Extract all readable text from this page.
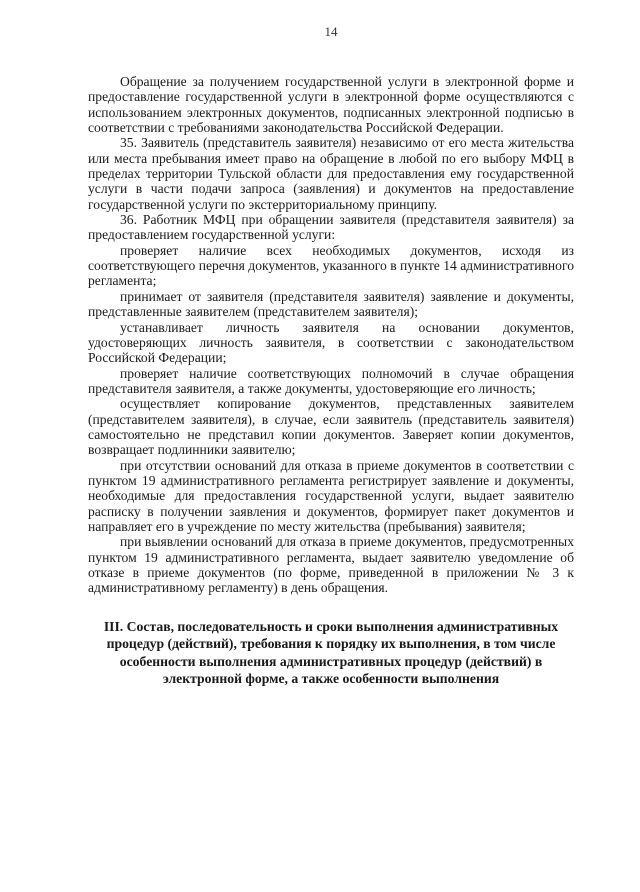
14

Обращение за получением государственной услуги в электронной форме и предоставление государственной услуги в электронной форме осуществляются с использованием электронных документов, подписанных электронной подписью в соответствии с требованиями законодательства Российской Федерации.

35. Заявитель (представитель заявителя) независимо от его места жительства или места пребывания имеет право на обращение в любой по его выбору МФЦ в пределах территории Тульской области для предоставления ему государственной услуги в части подачи запроса (заявления) и документов на предоставление государственной услуги по экстерриториальному принципу.

36. Работник МФЦ при обращении заявителя (представителя заявителя) за предоставлением государственной услуги:

проверяет наличие всех необходимых документов, исходя из соответствующего перечня документов, указанного в пункте 14 административного регламента;

принимает от заявителя (представителя заявителя) заявление и документы, представленные заявителем (представителем заявителя);

устанавливает личность заявителя на основании документов, удостоверяющих личность заявителя, в соответствии с законодательством Российской Федерации;

проверяет наличие соответствующих полномочий в случае обращения представителя заявителя, а также документы, удостоверяющие его личность;

осуществляет копирование документов, представленных заявителем (представителем заявителя), в случае, если заявитель (представитель заявителя) самостоятельно не представил копии документов. Заверяет копии документов, возвращает подлинники заявителю;

при отсутствии оснований для отказа в приеме документов в соответствии с пунктом 19 административного регламента регистрирует заявление и документы, необходимые для предоставления государственной услуги, выдает заявителю расписку в получении заявления и документов, формирует пакет документов и направляет его в учреждение по месту жительства (пребывания) заявителя;

при выявлении оснований для отказа в приеме документов, предусмотренных пунктом 19 административного регламента, выдает заявителю уведомление об отказе в приеме документов (по форме, приведенной в приложении № 3 к административному регламенту) в день обращения.

III. Состав, последовательность и сроки выполнения административных процедур (действий), требования к порядку их выполнения, в том числе особенности выполнения административных процедур (действий) в электронной форме, а также особенности выполнения
